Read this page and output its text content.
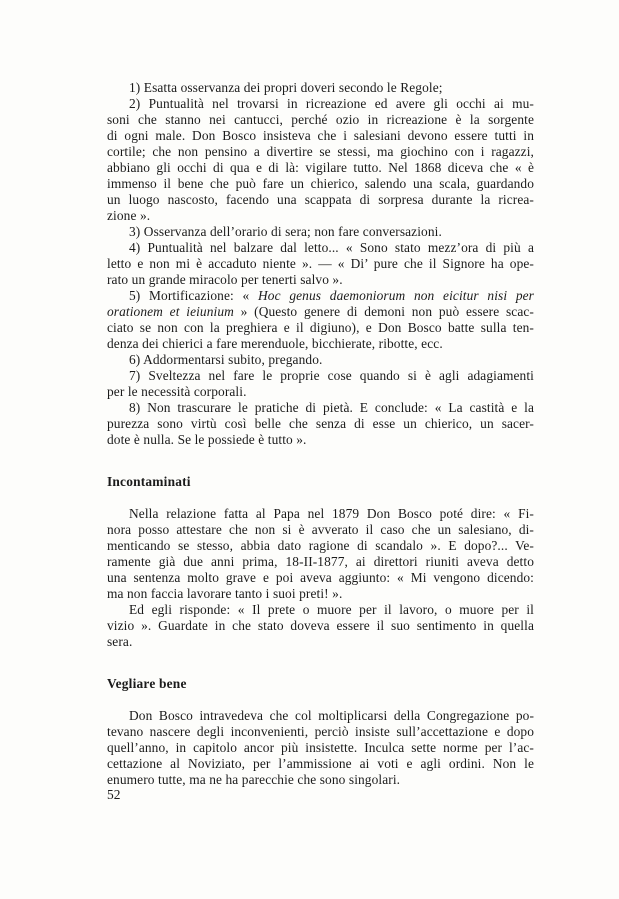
1) Esatta osservanza dei propri doveri secondo le Regole;
2) Puntualità nel trovarsi in ricreazione ed avere gli occhi ai mu-
soni che stanno nei cantucci, perché ozio in ricreazione è la sorgente
di ogni male. Don Bosco insisteva che i salesiani devono essere tutti in
cortile; che non pensino a divertire se stessi, ma giochino con i ragazzi,
abbiano gli occhi di qua e di là: vigilare tutto. Nel 1868 diceva che « è
immenso il bene che può fare un chierico, salendo una scala, guardando
un luogo nascosto, facendo una scappata di sorpresa durante la ricrea-
zione ».
3) Osservanza dell’orario di sera; non fare conversazioni.
4) Puntualità nel balzare dal letto... « Sono stato mezz’ora di più a
letto e non mi è accaduto niente ». — « Di’ pure che il Signore ha ope-
rato un grande miracolo per tenerti salvo ».
5) Mortificazione: « Hoc genus daemoniorum non eicitur nisi per
orationem et ieiunium » (Questo genere di demoni non può essere scac-
ciato se non con la preghiera e il digiuno), e Don Bosco batte sulla ten-
denza dei chierici a fare merenduole, bicchierate, ribotte, ecc.
6) Addormentarsi subito, pregando.
7) Sveltezza nel fare le proprie cose quando si è agli adagiamenti
per le necessità corporali.
8) Non trascurare le pratiche di pietà. E conclude: « La castità e la
purezza sono virtù così belle che senza di esse un chierico, un sacer-
dote è nulla. Se le possiede è tutto ».
Incontaminati
Nella relazione fatta al Papa nel 1879 Don Bosco poté dire: « Fi-
nora posso attestare che non si è avverato il caso che un salesiano, di-
menticando se stesso, abbia dato ragione di scandalo ». E dopo?... Ve-
ramente già due anni prima, 18-II-1877, ai direttori riuniti aveva detto
una sentenza molto grave e poi aveva aggiunto: « Mi vengono dicendo:
ma non faccia lavorare tanto i suoi preti! ».
Ed egli risponde: « Il prete o muore per il lavoro, o muore per il
vizio ». Guardate in che stato doveva essere il suo sentimento in quella
sera.
Vegliare bene
Don Bosco intravedeva che col moltiplicarsi della Congregazione po-
tevano nascere degli inconvenienti, perciò insiste sull’accettazione e dopo
quell’anno, in capitolo ancor più insistette. Inculca sette norme per l’ac-
cettazione al Noviziato, per l’ammissione ai voti e agli ordini. Non le
enumero tutte, ma ne ha parecchie che sono singolari.
52
